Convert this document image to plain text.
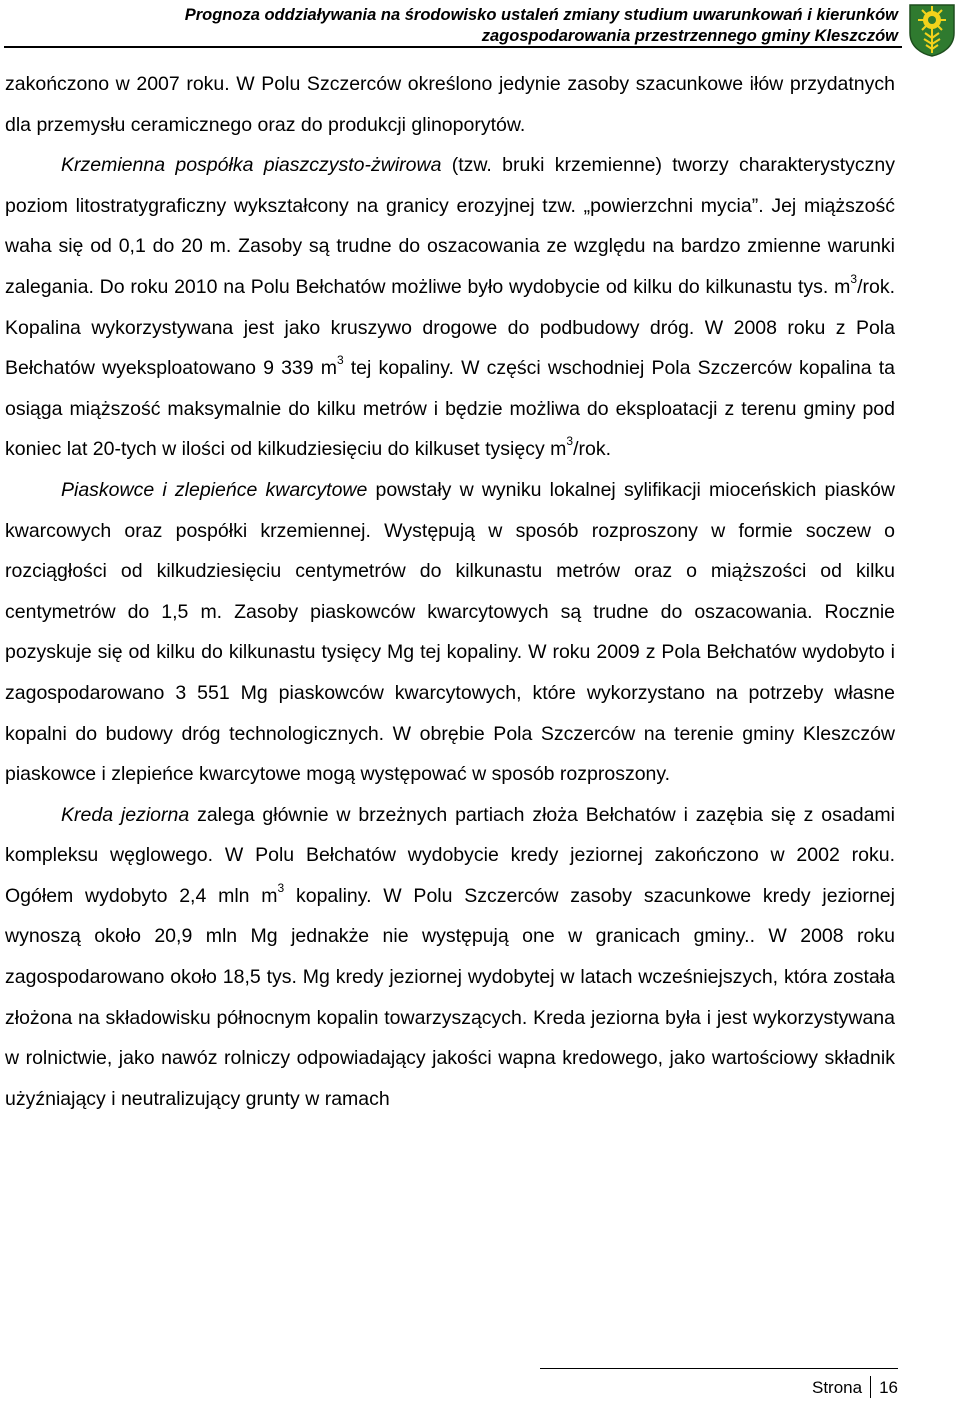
Prognoza oddziaływania na środowisko ustaleń zmiany studium uwarunkowań i kierunków
zagospodarowania przestrzennego gminy Kleszczów

zakończono w 2007 roku. W Polu Szczerców określono jedynie zasoby szacunkowe iłów przydatnych dla przemysłu ceramicznego oraz do produkcji glinoporytów.

Krzemienna pospółka piaszczysto-żwirowa (tzw. bruki krzemienne) tworzy charakterystyczny poziom litostratygraficzny wykształcony na granicy erozyjnej tzw. „powierzchni mycia”. Jej miąższość waha się od 0,1 do 20 m. Zasoby są trudne do oszacowania ze względu na bardzo zmienne warunki zalegania. Do roku 2010 na Polu Bełchatów możliwe było wydobycie od kilku do kilkunastu tys. $m^3$/rok. Kopalina wykorzystywana jest jako kruszywo drogowe do podbudowy dróg. W 2008 roku z Pola Bełchatów wyeksploatowano 9 339 $m^3$ tej kopaliny. W części wschodniej Pola Szczerców kopalina ta osiąga miąższość maksymalnie do kilku metrów i będzie możliwa do eksploatacji z terenu gminy pod koniec lat 20-tych w ilości od kilkudziesięciu do kilkuset tysięcy $m^3$/rok.

Piaskowce i zlepieńce kwarcytowe powstały w wyniku lokalnej sylifikacji mioceńskich piasków kwarcowych oraz pospółki krzemiennej. Występują w sposób rozproszony w formie soczew o rozciągłości od kilkudziesięciu centymetrów do kilkunastu metrów oraz o miąższości od kilku centymetrów do 1,5 m. Zasoby piaskowców kwarcytowych są trudne do oszacowania. Rocznie pozyskuje się od kilku do kilkunastu tysięcy Mg tej kopaliny. W roku 2009 z Pola Bełchatów wydobyto i zagospodarowano 3 551 Mg piaskowców kwarcytowych, które wykorzystano na potrzeby własne kopalni do budowy dróg technologicznych. W obrębie Pola Szczerców na terenie gminy Kleszczów piaskowce i zlepieńce kwarcytowe mogą występować w sposób rozproszony.

Kreda jeziorna zalega głównie w brzeżnych partiach złoża Bełchatów i zazębia się z osadami kompleksu węglowego. W Polu Bełchatów wydobycie kredy jeziornej zakończono w 2002 roku. Ogółem wydobyto 2,4 mln $m^3$ kopaliny. W Polu Szczerców zasoby szacunkowe kredy jeziornej wynoszą około 20,9 mln Mg jednakże nie występują one w granicach gminy.. W 2008 roku zagospodarowano około 18,5 tys. Mg kredy jeziornej wydobytej w latach wcześniejszych, która została złożona na składowisku północnym kopalin towarzyszących. Kreda jeziorna była i jest wykorzystywana w rolnictwie, jako nawóz rolniczy odpowiadający jakości wapna kredowego, jako wartościowy składnik użyźniający i neutralizujący grunty w ramach

Strona 16
